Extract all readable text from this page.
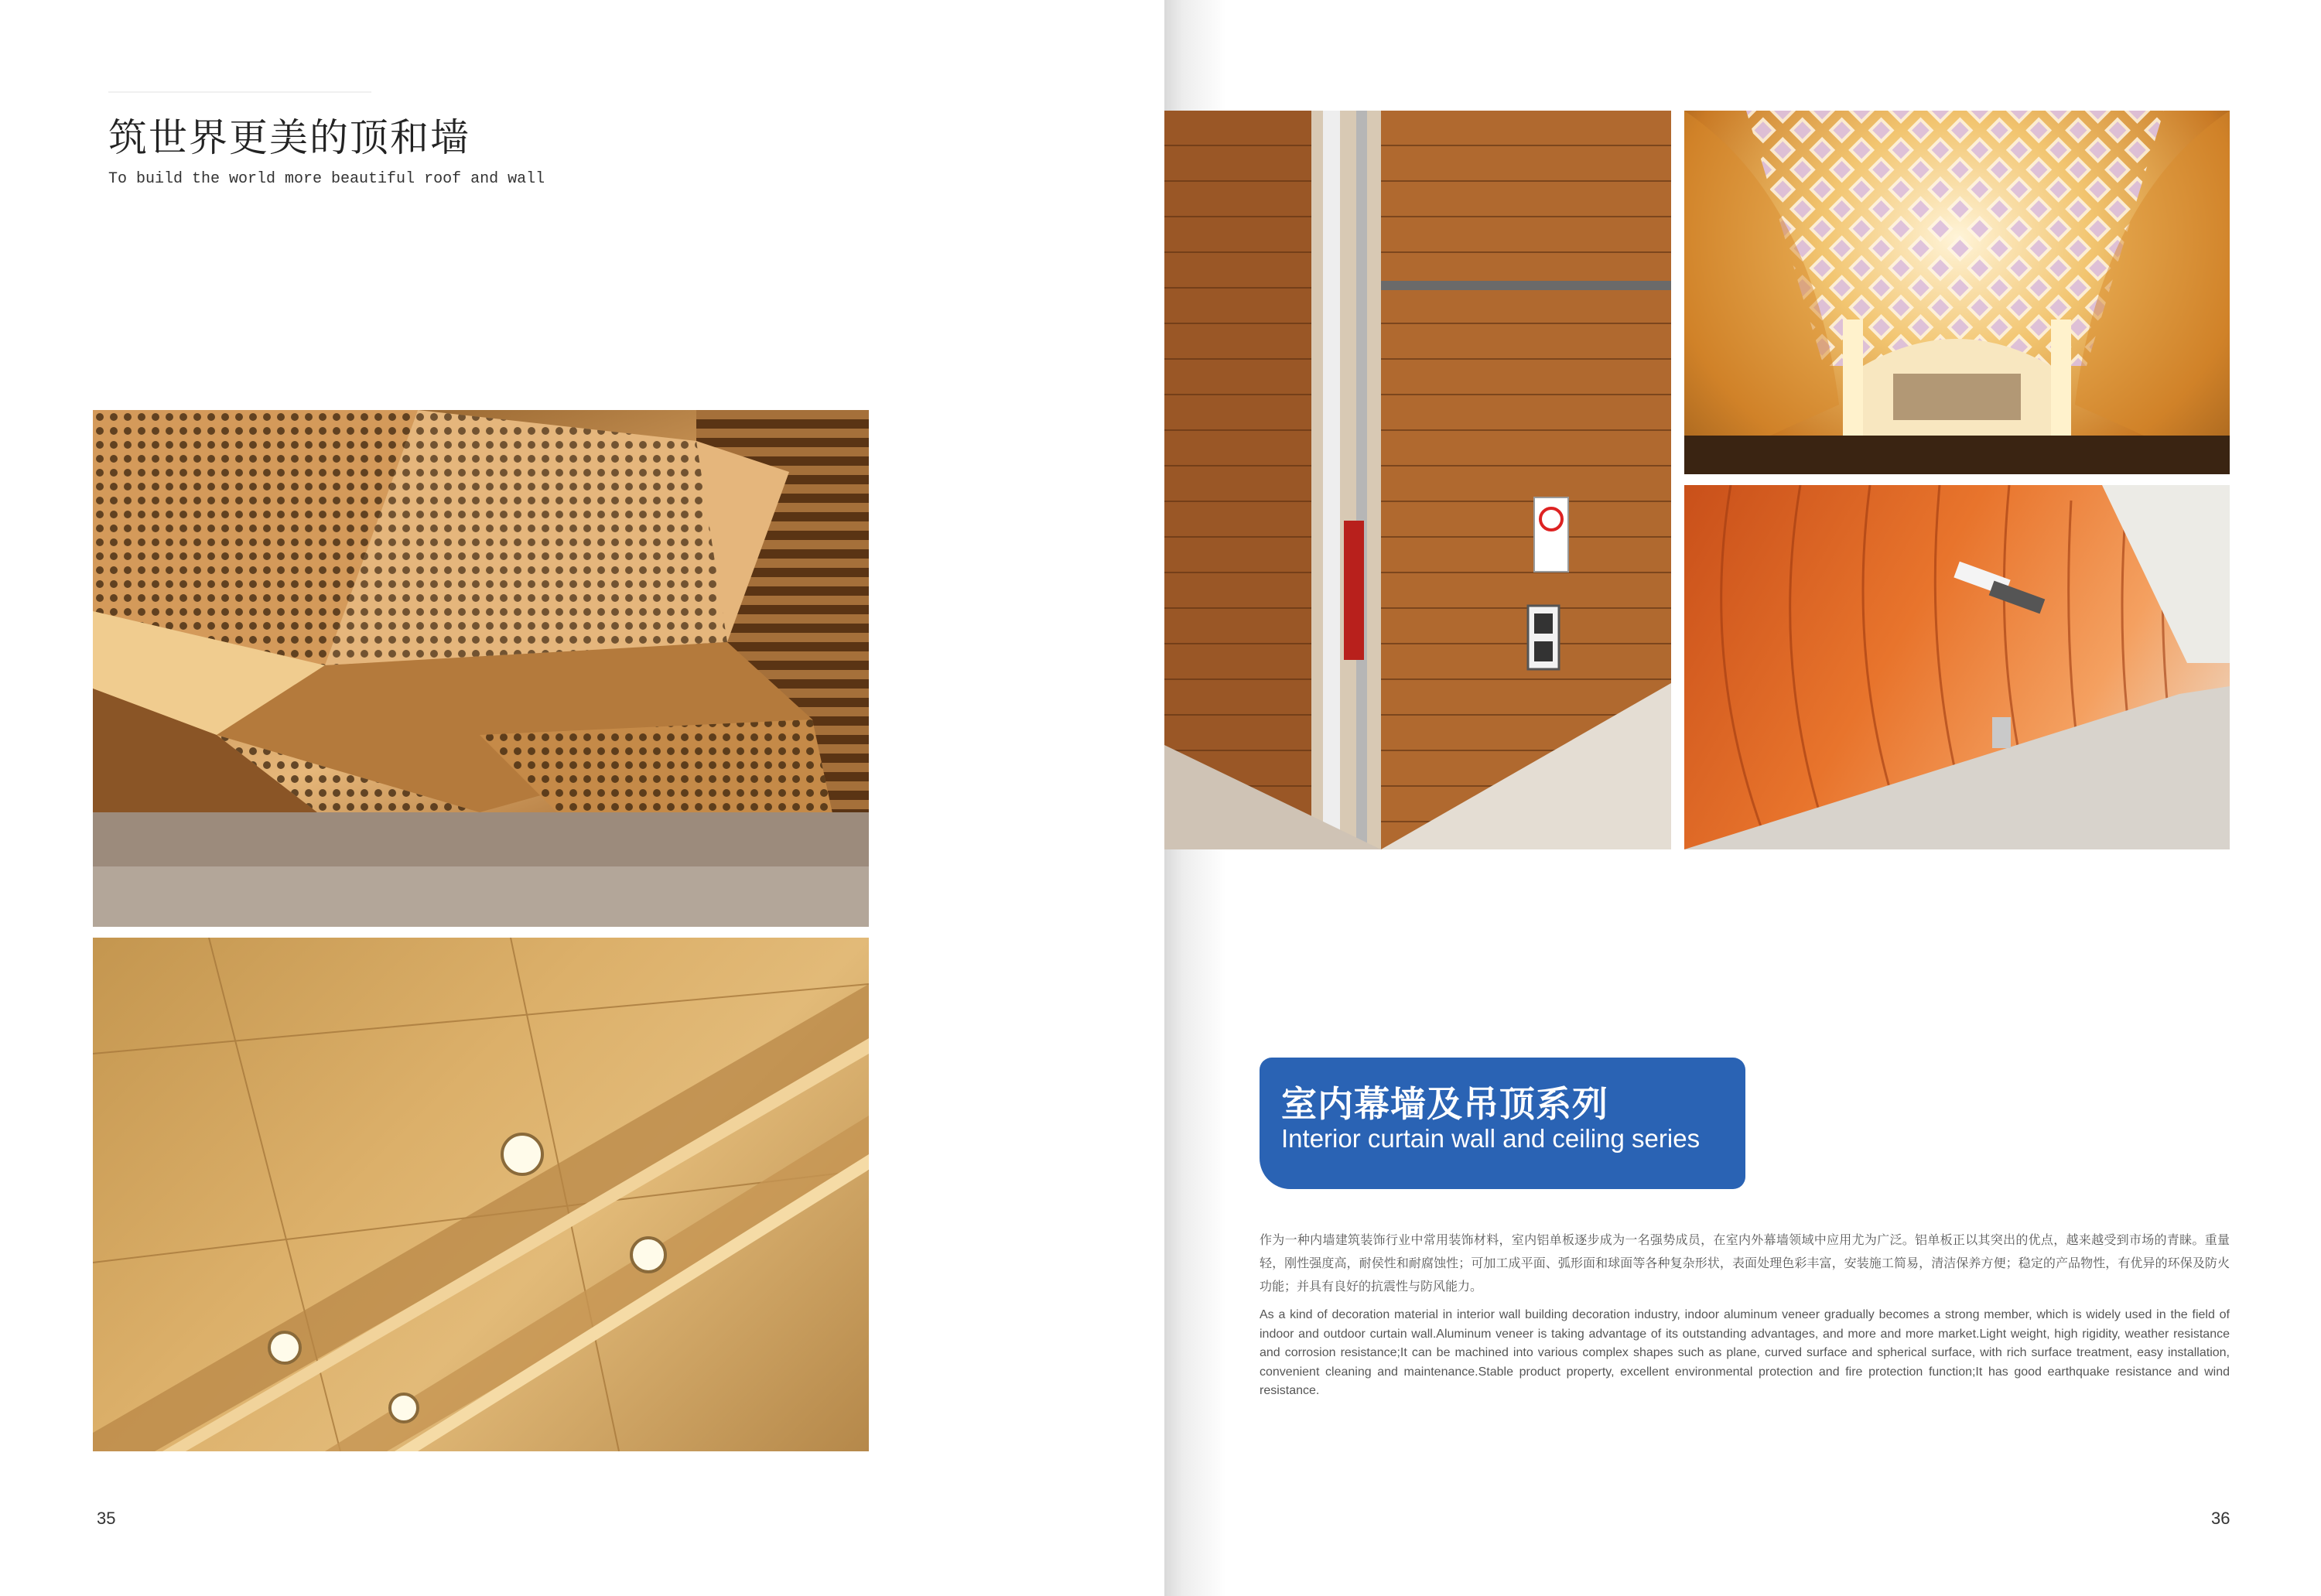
筑世界更美的顶和墙
To build the world more beautiful roof and wall
35	36
室内幕墙及吊顶系列
Interior curtain wall and ceiling series
作为一种内墙建筑装饰行业中常用装饰材料，室内铝单板逐步成为一名强势成员，在室内外幕墙领域中应用尤为广泛。铝单板正以其突出的优点，越来越受到市场的青睐。重量轻，刚性强度高，耐侯性和耐腐蚀性；可加工成平面、弧形面和球面等各种复杂形状，表面处理色彩丰富，安装施工简易，清洁保养方便；稳定的产品物性，有优异的环保及防火功能；并具有良好的抗震性与防风能力。
As a kind of decoration material in interior wall building decoration industry, indoor aluminum veneer gradually becomes a strong member, which is widely used in the field of indoor and outdoor curtain wall.Aluminum veneer is taking advantage of its outstanding advantages, and more and more market.Light weight, high rigidity, weather resistance and corrosion resistance;It can be machined into various complex shapes such as plane, curved surface and spherical surface, with rich surface treatment, easy installation, convenient cleaning and maintenance.Stable product property, excellent environmental protection and fire protection function;It has good earthquake resistance and wind resistance.
